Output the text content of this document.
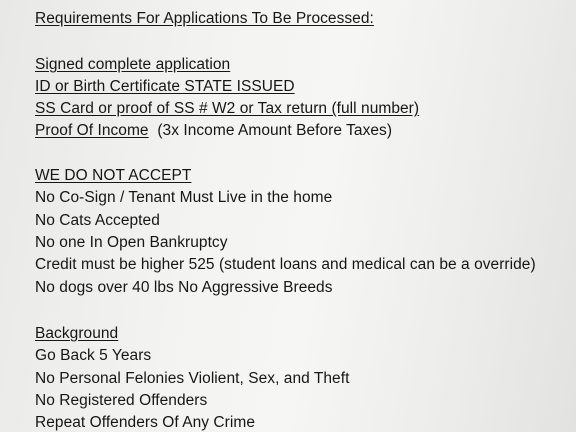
Requirements For Applications To Be Processed:

Signed complete application

ID or Birth Certificate STATE ISSUED

SS Card or proof of SS # W2 or Tax return (full number)

Proof Of Income  (3x Income Amount Before Taxes)

WE DO NOT ACCEPT

No Co-Sign / Tenant Must Live in the home

No Cats Accepted

No one In Open Bankruptcy

Credit must be higher 525 (student loans and medical can be a override)

No dogs over 40 lbs No Aggressive Breeds

Background

Go Back 5 Years

No Personal Felonies Violient, Sex, and Theft

No Registered Offenders

Repeat Offenders Of Any Crime
